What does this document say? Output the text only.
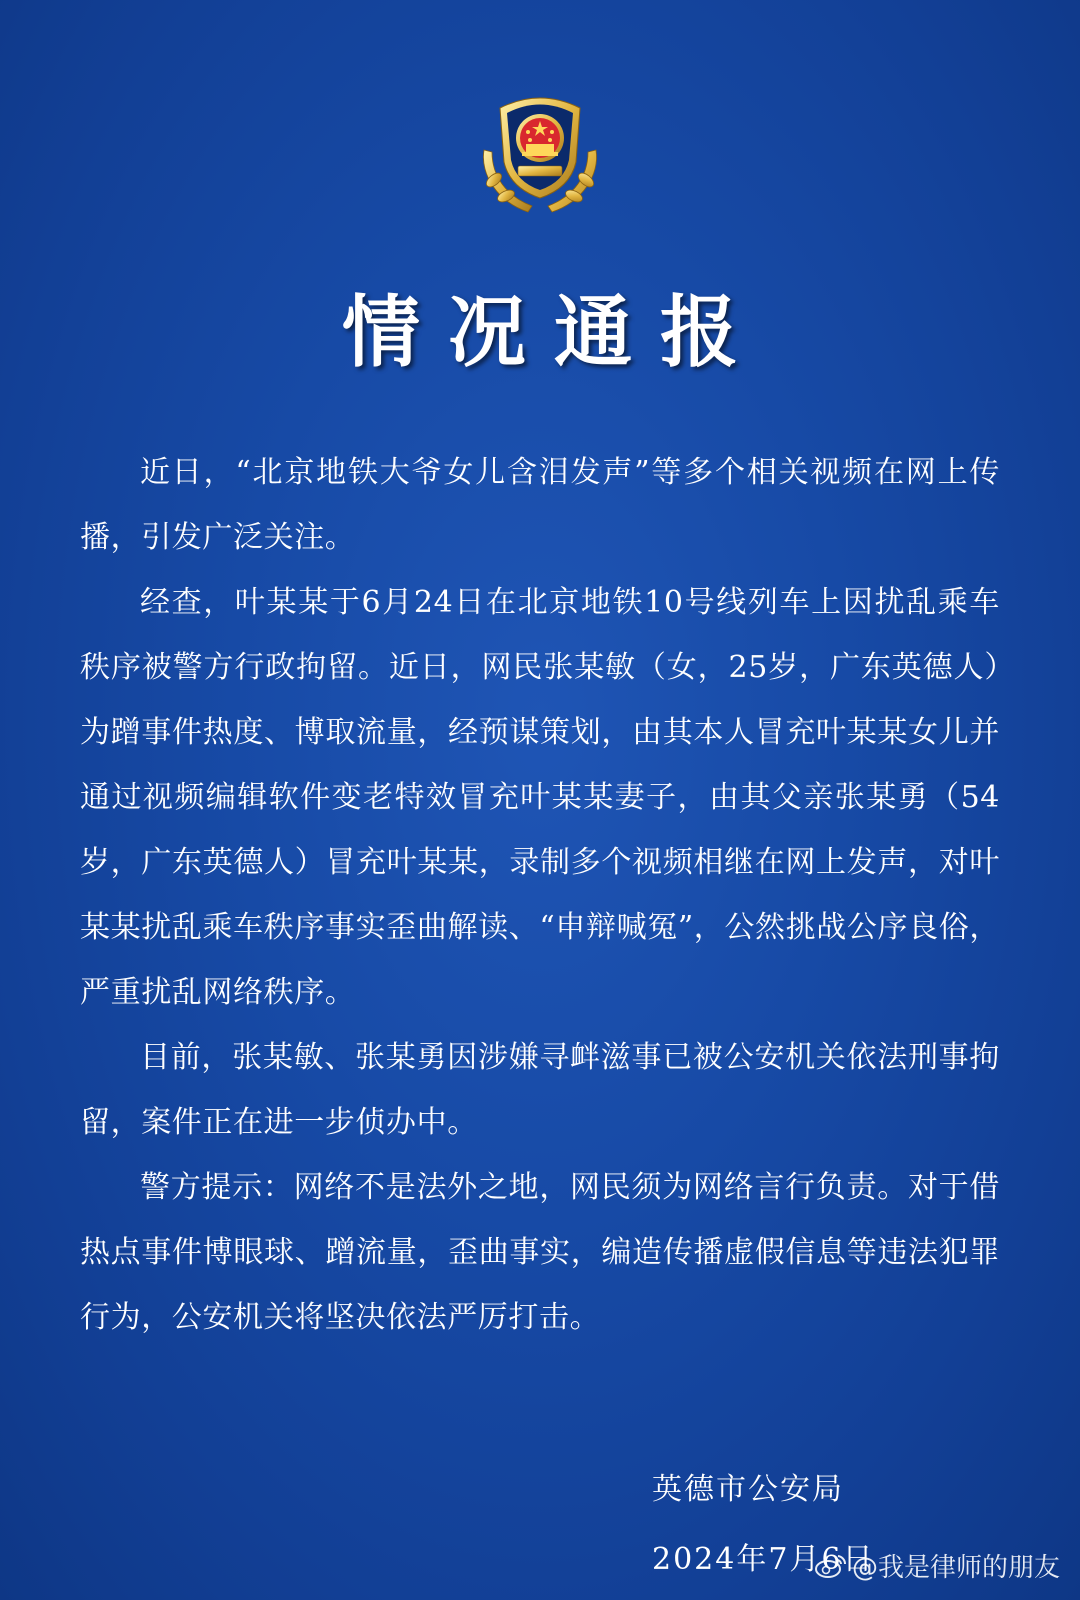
情况通报

近日，“北京地铁大爷女儿含泪发声”等多个相关视频在网上传播，引发广泛关注。

经查，叶某某于6月24日在北京地铁10号线列车上因扰乱乘车秩序被警方行政拘留。近日，网民张某敏（女，25岁，广东英德人）为蹭事件热度、博取流量，经预谋策划，由其本人冒充叶某某女儿并通过视频编辑软件变老特效冒充叶某某妻子，由其父亲张某勇（54岁，广东英德人）冒充叶某某，录制多个视频相继在网上发声，对叶某某扰乱乘车秩序事实歪曲解读、“申辩喊冤”，公然挑战公序良俗，严重扰乱网络秩序。

目前，张某敏、张某勇因涉嫌寻衅滋事已被公安机关依法刑事拘留，案件正在进一步侦办中。

警方提示：网络不是法外之地，网民须为网络言行负责。对于借热点事件博眼球、蹭流量，歪曲事实，编造传播虚假信息等违法犯罪行为，公安机关将坚决依法严厉打击。

英德市公安局
2024年7月6日
@我是律师的朋友
